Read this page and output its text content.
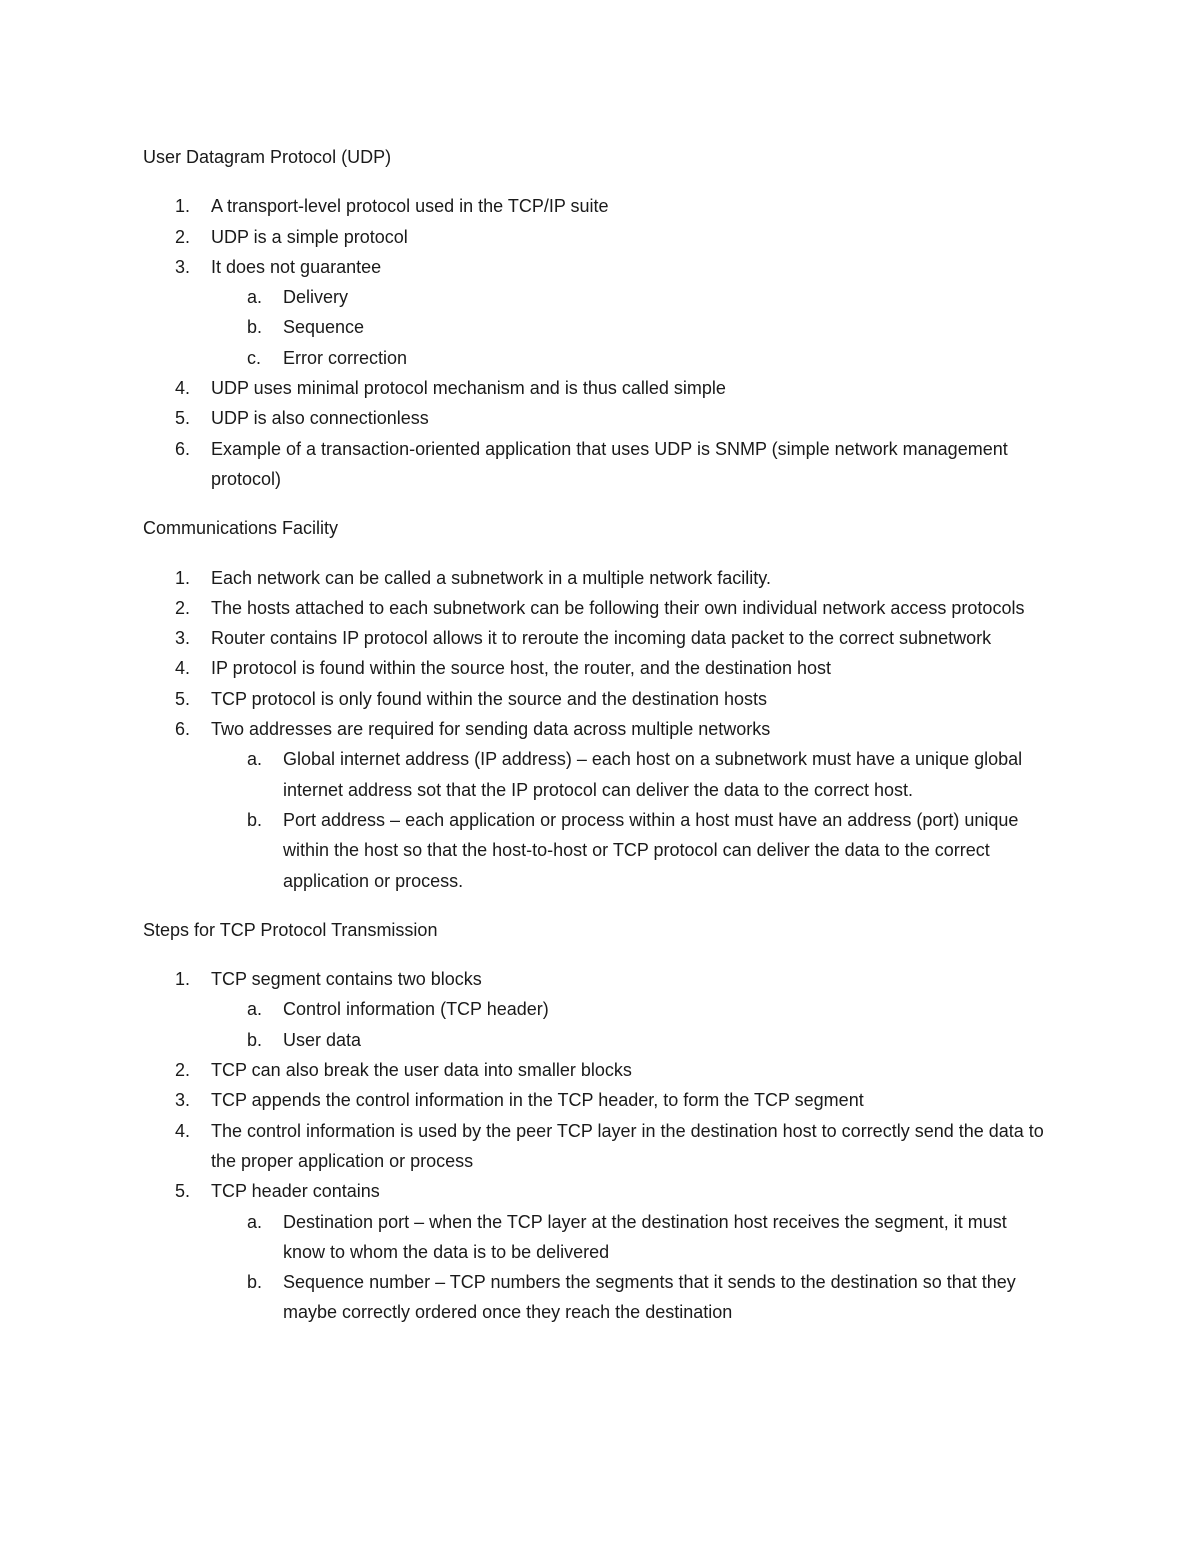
User Datagram Protocol (UDP)

1. A transport-level protocol used in the TCP/IP suite
2. UDP is a simple protocol
3. It does not guarantee
a. Delivery
b. Sequence
c. Error correction
4. UDP uses minimal protocol mechanism and is thus called simple
5. UDP is also connectionless
6. Example of a transaction-oriented application that uses UDP is SNMP (simple network management protocol)

Communications Facility

1. Each network can be called a subnetwork in a multiple network facility.
2. The hosts attached to each subnetwork can be following their own individual network access protocols
3. Router contains IP protocol allows it to reroute the incoming data packet to the correct subnetwork
4. IP protocol is found within the source host, the router, and the destination host
5. TCP protocol is only found within the source and the destination hosts
6. Two addresses are required for sending data across multiple networks
a. Global internet address (IP address) – each host on a subnetwork must have a unique global internet address sot that the IP protocol can deliver the data to the correct host.
b. Port address – each application or process within a host must have an address (port) unique within the host so that the host-to-host or TCP protocol can deliver the data to the correct application or process.

Steps for TCP Protocol Transmission

1. TCP segment contains two blocks
a. Control information (TCP header)
b. User data
2. TCP can also break the user data into smaller blocks
3. TCP appends the control information in the TCP header, to form the TCP segment
4. The control information is used by the peer TCP layer in the destination host to correctly send the data to the proper application or process
5. TCP header contains
a. Destination port – when the TCP layer at the destination host receives the segment, it must know to whom the data is to be delivered
b. Sequence number – TCP numbers the segments that it sends to the destination so that they maybe correctly ordered once they reach the destination
